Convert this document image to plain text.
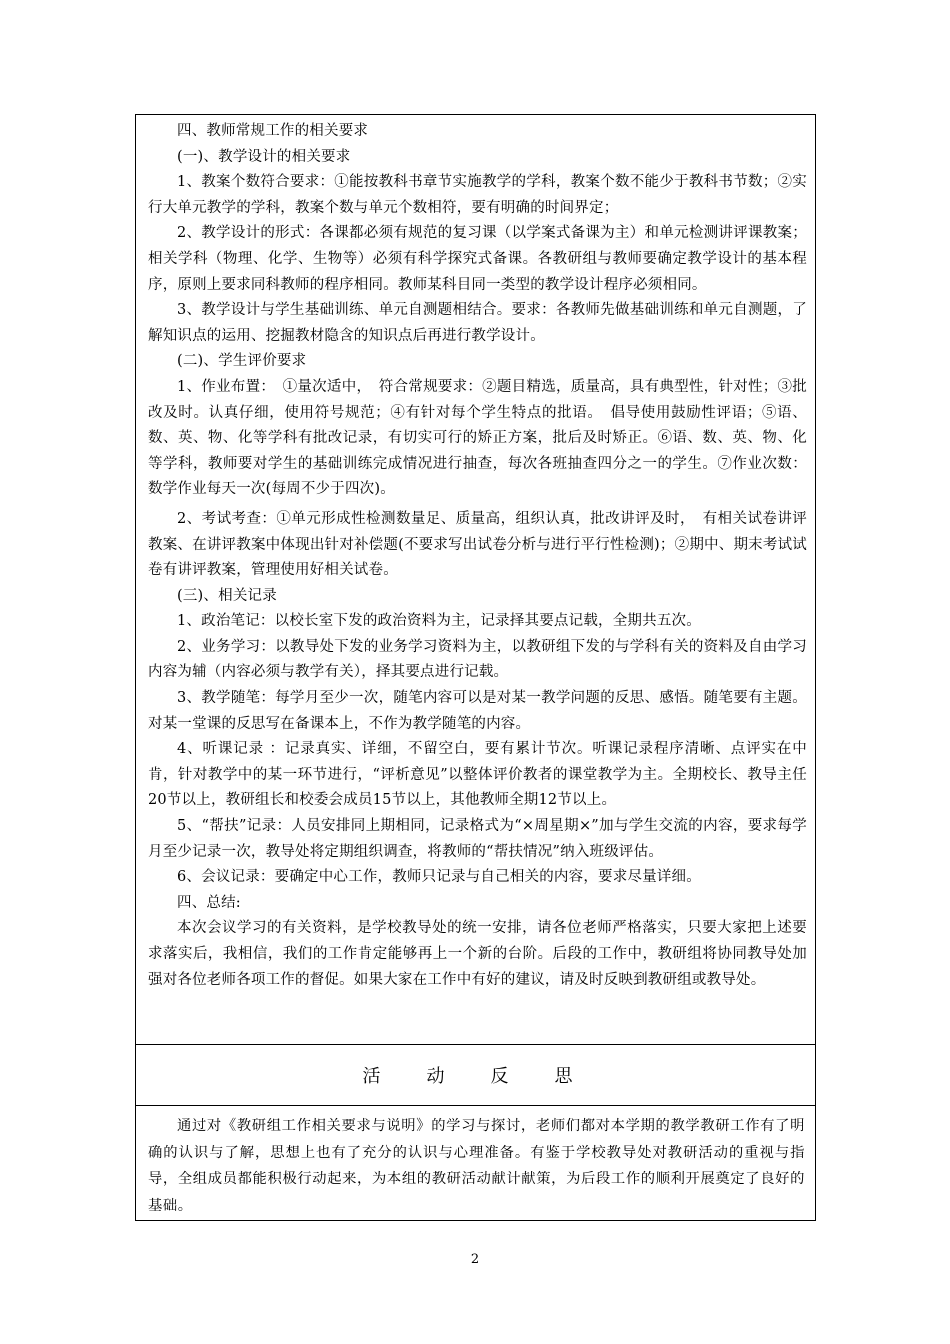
四、教师常规工作的相关要求

(一)、教学设计的相关要求

1、教案个数符合要求：①能按教科书章节实施教学的学科，教案个数不能少于教科书节数；②实行大单元教学的学科，教案个数与单元个数相符，要有明确的时间界定；

2、教学设计的形式：各课都必须有规范的复习课（以学案式备课为主）和单元检测讲评课教案；相关学科（物理、化学、生物等）必须有科学探究式备课。各教研组与教师要确定教学设计的基本程序，原则上要求同科教师的程序相同。教师某科目同一类型的教学设计程序必须相同。

3、教学设计与学生基础训练、单元自测题相结合。要求：各教师先做基础训练和单元自测题，了解知识点的运用、挖掘教材隐含的知识点后再进行教学设计。

(二)、学生评价要求

1、作业布置：　①量次适中，　符合常规要求：②题目精选，质量高，具有典型性，针对性；③批改及时。认真仔细，使用符号规范；④有针对每个学生特点的批语。　倡导使用鼓励性评语；⑤语、数、英、物、化等学科有批改记录，有切实可行的矫正方案，批后及时矫正。⑥语、数、英、物、化等学科，教师要对学生的基础训练完成情况进行抽查，每次各班抽查四分之一的学生。⑦作业次数：数学作业每天一次(每周不少于四次)。

2、考试考查：①单元形成性检测数量足、质量高，组织认真，批改讲评及时，　有相关试卷讲评教案、在讲评教案中体现出针对补偿题(不要求写出试卷分析与进行平行性检测)；②期中、期末考试试卷有讲评教案，管理使用好相关试卷。

(三)、相关记录

1、政治笔记：以校长室下发的政治资料为主，记录择其要点记载，全期共五次。

2、业务学习：以教导处下发的业务学习资料为主，以教研组下发的与学科有关的资料及自由学习内容为辅（内容必须与教学有关），择其要点进行记载。

3、教学随笔：每学月至少一次，随笔内容可以是对某一教学问题的反思、感悟。随笔要有主题。对某一堂课的反思写在备课本上，不作为教学随笔的内容。

4、听课记录 ：记录真实、详细，不留空白，要有累计节次。听课记录程序清晰、点评实在中肯，针对教学中的某一环节进行，“评析意见”以整体评价教者的课堂教学为主。全期校长、教导主任20节以上，教研组长和校委会成员15节以上，其他教师全期12节以上。

5、“帮扶”记录：人员安排同上期相同，记录格式为“×周星期×”加与学生交流的内容，要求每学月至少记录一次，教导处将定期组织调查，将教师的“帮扶情况”纳入班级评估。

6、会议记录：要确定中心工作，教师只记录与自己相关的内容，要求尽量详细。

四、总结:

本次会议学习的有关资料，是学校教导处的统一安排，请各位老师严格落实，只要大家把上述要求落实后，我相信，我们的工作肯定能够再上一个新的台阶。后段的工作中，教研组将协同教导处加强对各位老师各项工作的督促。如果大家在工作中有好的建议，请及时反映到教研组或教导处。

活动反思

通过对《教研组工作相关要求与说明》的学习与探讨，老师们都对本学期的教学教研工作有了明确的认识与了解，思想上也有了充分的认识与心理准备。有鉴于学校教导处对教研活动的重视与指导，全组成员都能积极行动起来，为本组的教研活动献计献策，为后段工作的顺利开展奠定了良好的基础。

2
